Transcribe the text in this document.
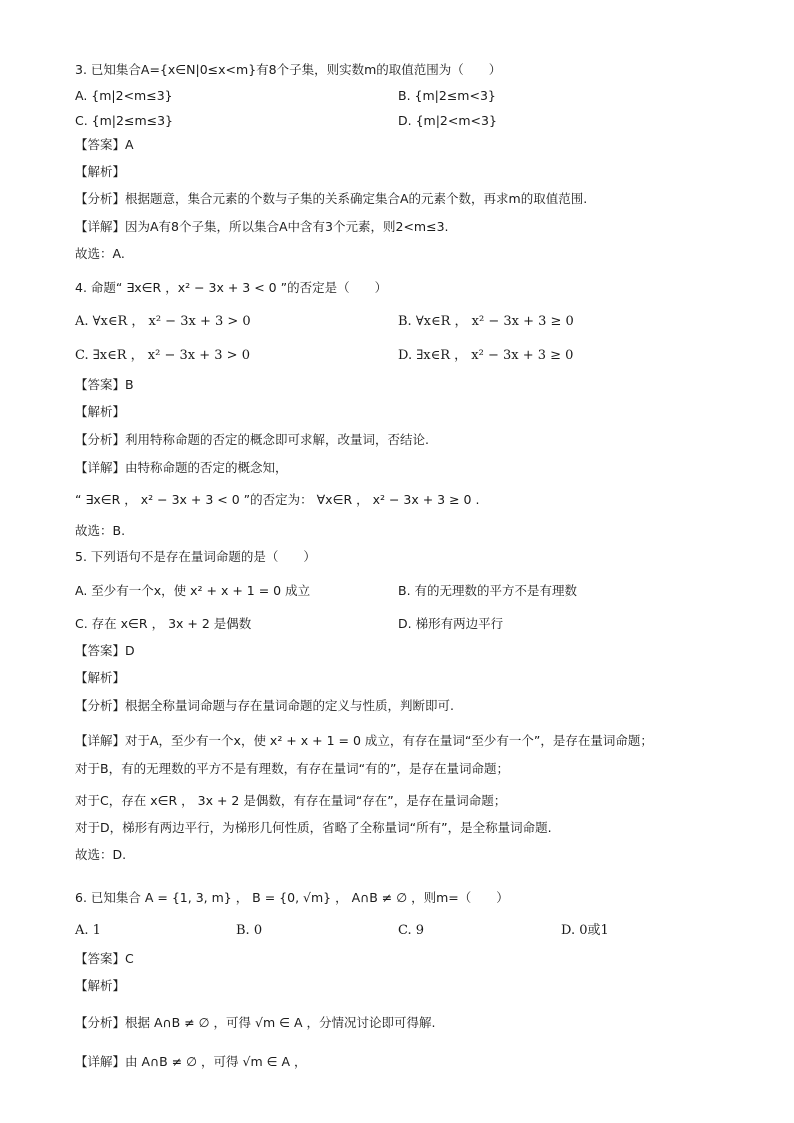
3. 已知集合A={x∈N|0≤x<m}有8个子集，则实数m的取值范围为（　　）
A. {m|2<m≤3}	B. {m|2≤m<3}
C. {m|2≤m≤3}	D. {m|2<m<3}
【答案】A
【解析】
【分析】根据题意，集合元素的个数与子集的关系确定集合A的元素个数，再求m的取值范围.
【详解】因为A有8个子集，所以集合A中含有3个元素，则2<m≤3.
故选：A.
4. 命题“ ∃x∈R ，x² − 3x + 3 < 0 ”的否定是（　　）
A. ∀x∈R ， x² − 3x + 3 > 0	B. ∀x∈R ， x² − 3x + 3 ≥ 0
C. ∃x∈R ， x² − 3x + 3 > 0	D. ∃x∈R ， x² − 3x + 3 ≥ 0
【答案】B
【解析】
【分析】利用特称命题的否定的概念即可求解，改量词，否结论.
【详解】由特称命题的否定的概念知，
“ ∃x∈R ， x² − 3x + 3 < 0 ”的否定为： ∀x∈R ， x² − 3x + 3 ≥ 0 .
故选：B.
5. 下列语句不是存在量词命题的是（　　）
A. 至少有一个x，使 x² + x + 1 = 0 成立	B. 有的无理数的平方不是有理数
C. 存在 x∈R ， 3x + 2 是偶数	D. 梯形有两边平行
【答案】D
【解析】
【分析】根据全称量词命题与存在量词命题的定义与性质，判断即可.
【详解】对于A，至少有一个x，使 x² + x + 1 = 0 成立，有存在量词“至少有一个”，是存在量词命题；
对于B，有的无理数的平方不是有理数，有存在量词“有的”，是存在量词命题；
对于C，存在 x∈R ， 3x + 2 是偶数，有存在量词“存在”，是存在量词命题；
对于D，梯形有两边平行，为梯形几何性质，省略了全称量词“所有”，是全称量词命题.
故选：D.
6. 已知集合 A = {1, 3, m} ， B = {0, √m} ， A∩B ≠ ∅ ，则m=（　　）
A. 1	B. 0	C. 9	D. 0或1
【答案】C
【解析】
【分析】根据 A∩B ≠ ∅ ，可得 √m ∈ A ，分情况讨论即可得解.
【详解】由 A∩B ≠ ∅ ，可得 √m ∈ A ，
